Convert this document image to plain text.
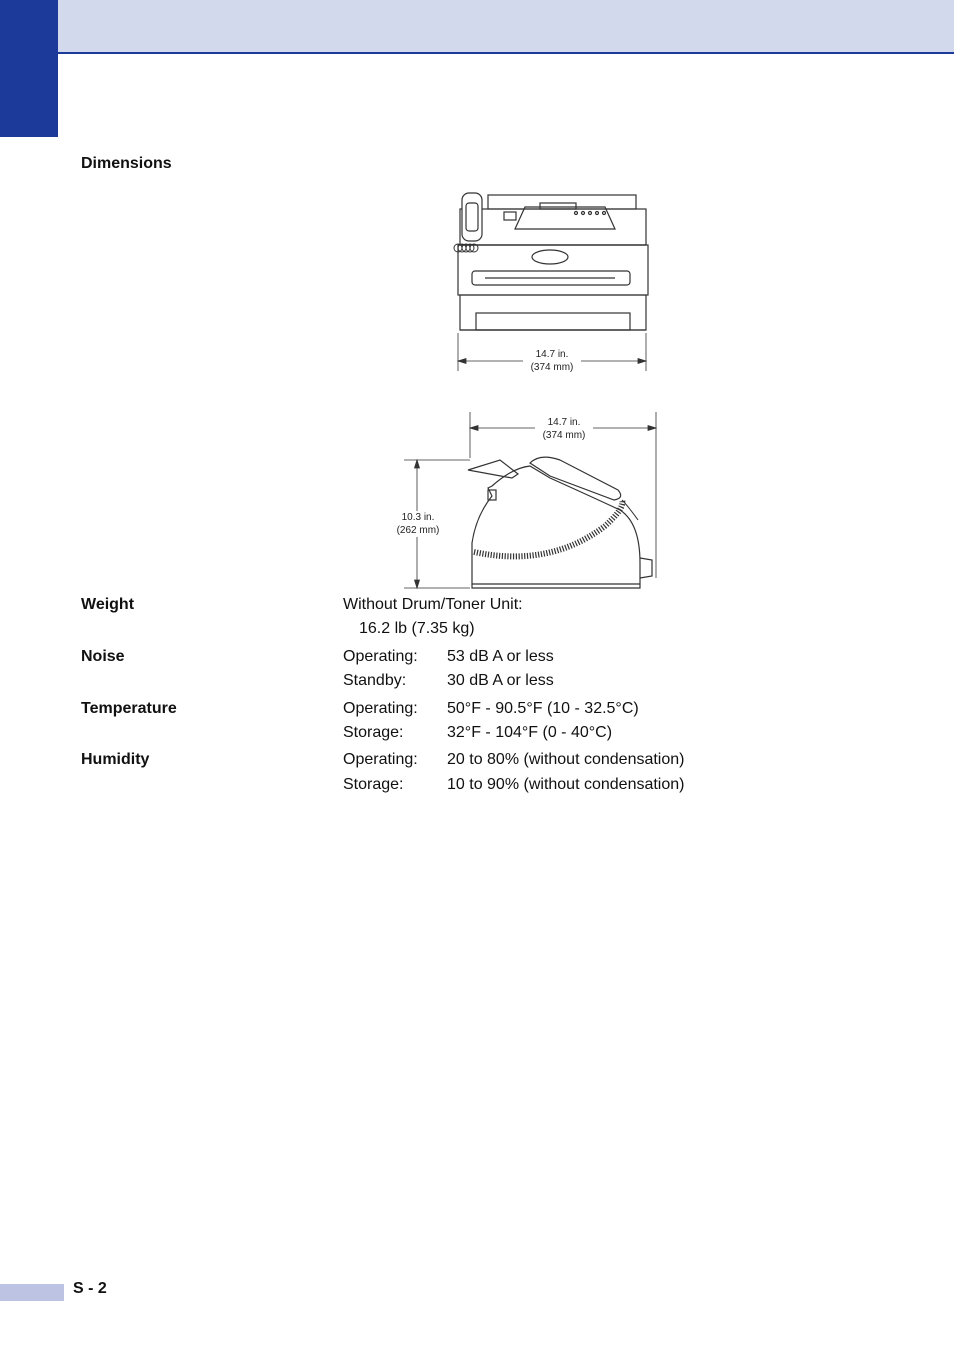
Dimensions
14.7 in.
(374 mm)
14.7 in.
(374 mm)
10.3 in.
(262 mm)
Weight	Without Drum/Toner Unit:
16.2 lb (7.35 kg)
Noise	Operating: 53 dB A or less
Standby:	30 dB A or less
Temperature	Operating: 50°F - 90.5°F (10 - 32.5°C)
Storage:	32°F - 104°F (0 - 40°C)
Humidity	Operating: 20 to 80% (without condensation)
Storage:	10 to 90% (without condensation)
S - 2
